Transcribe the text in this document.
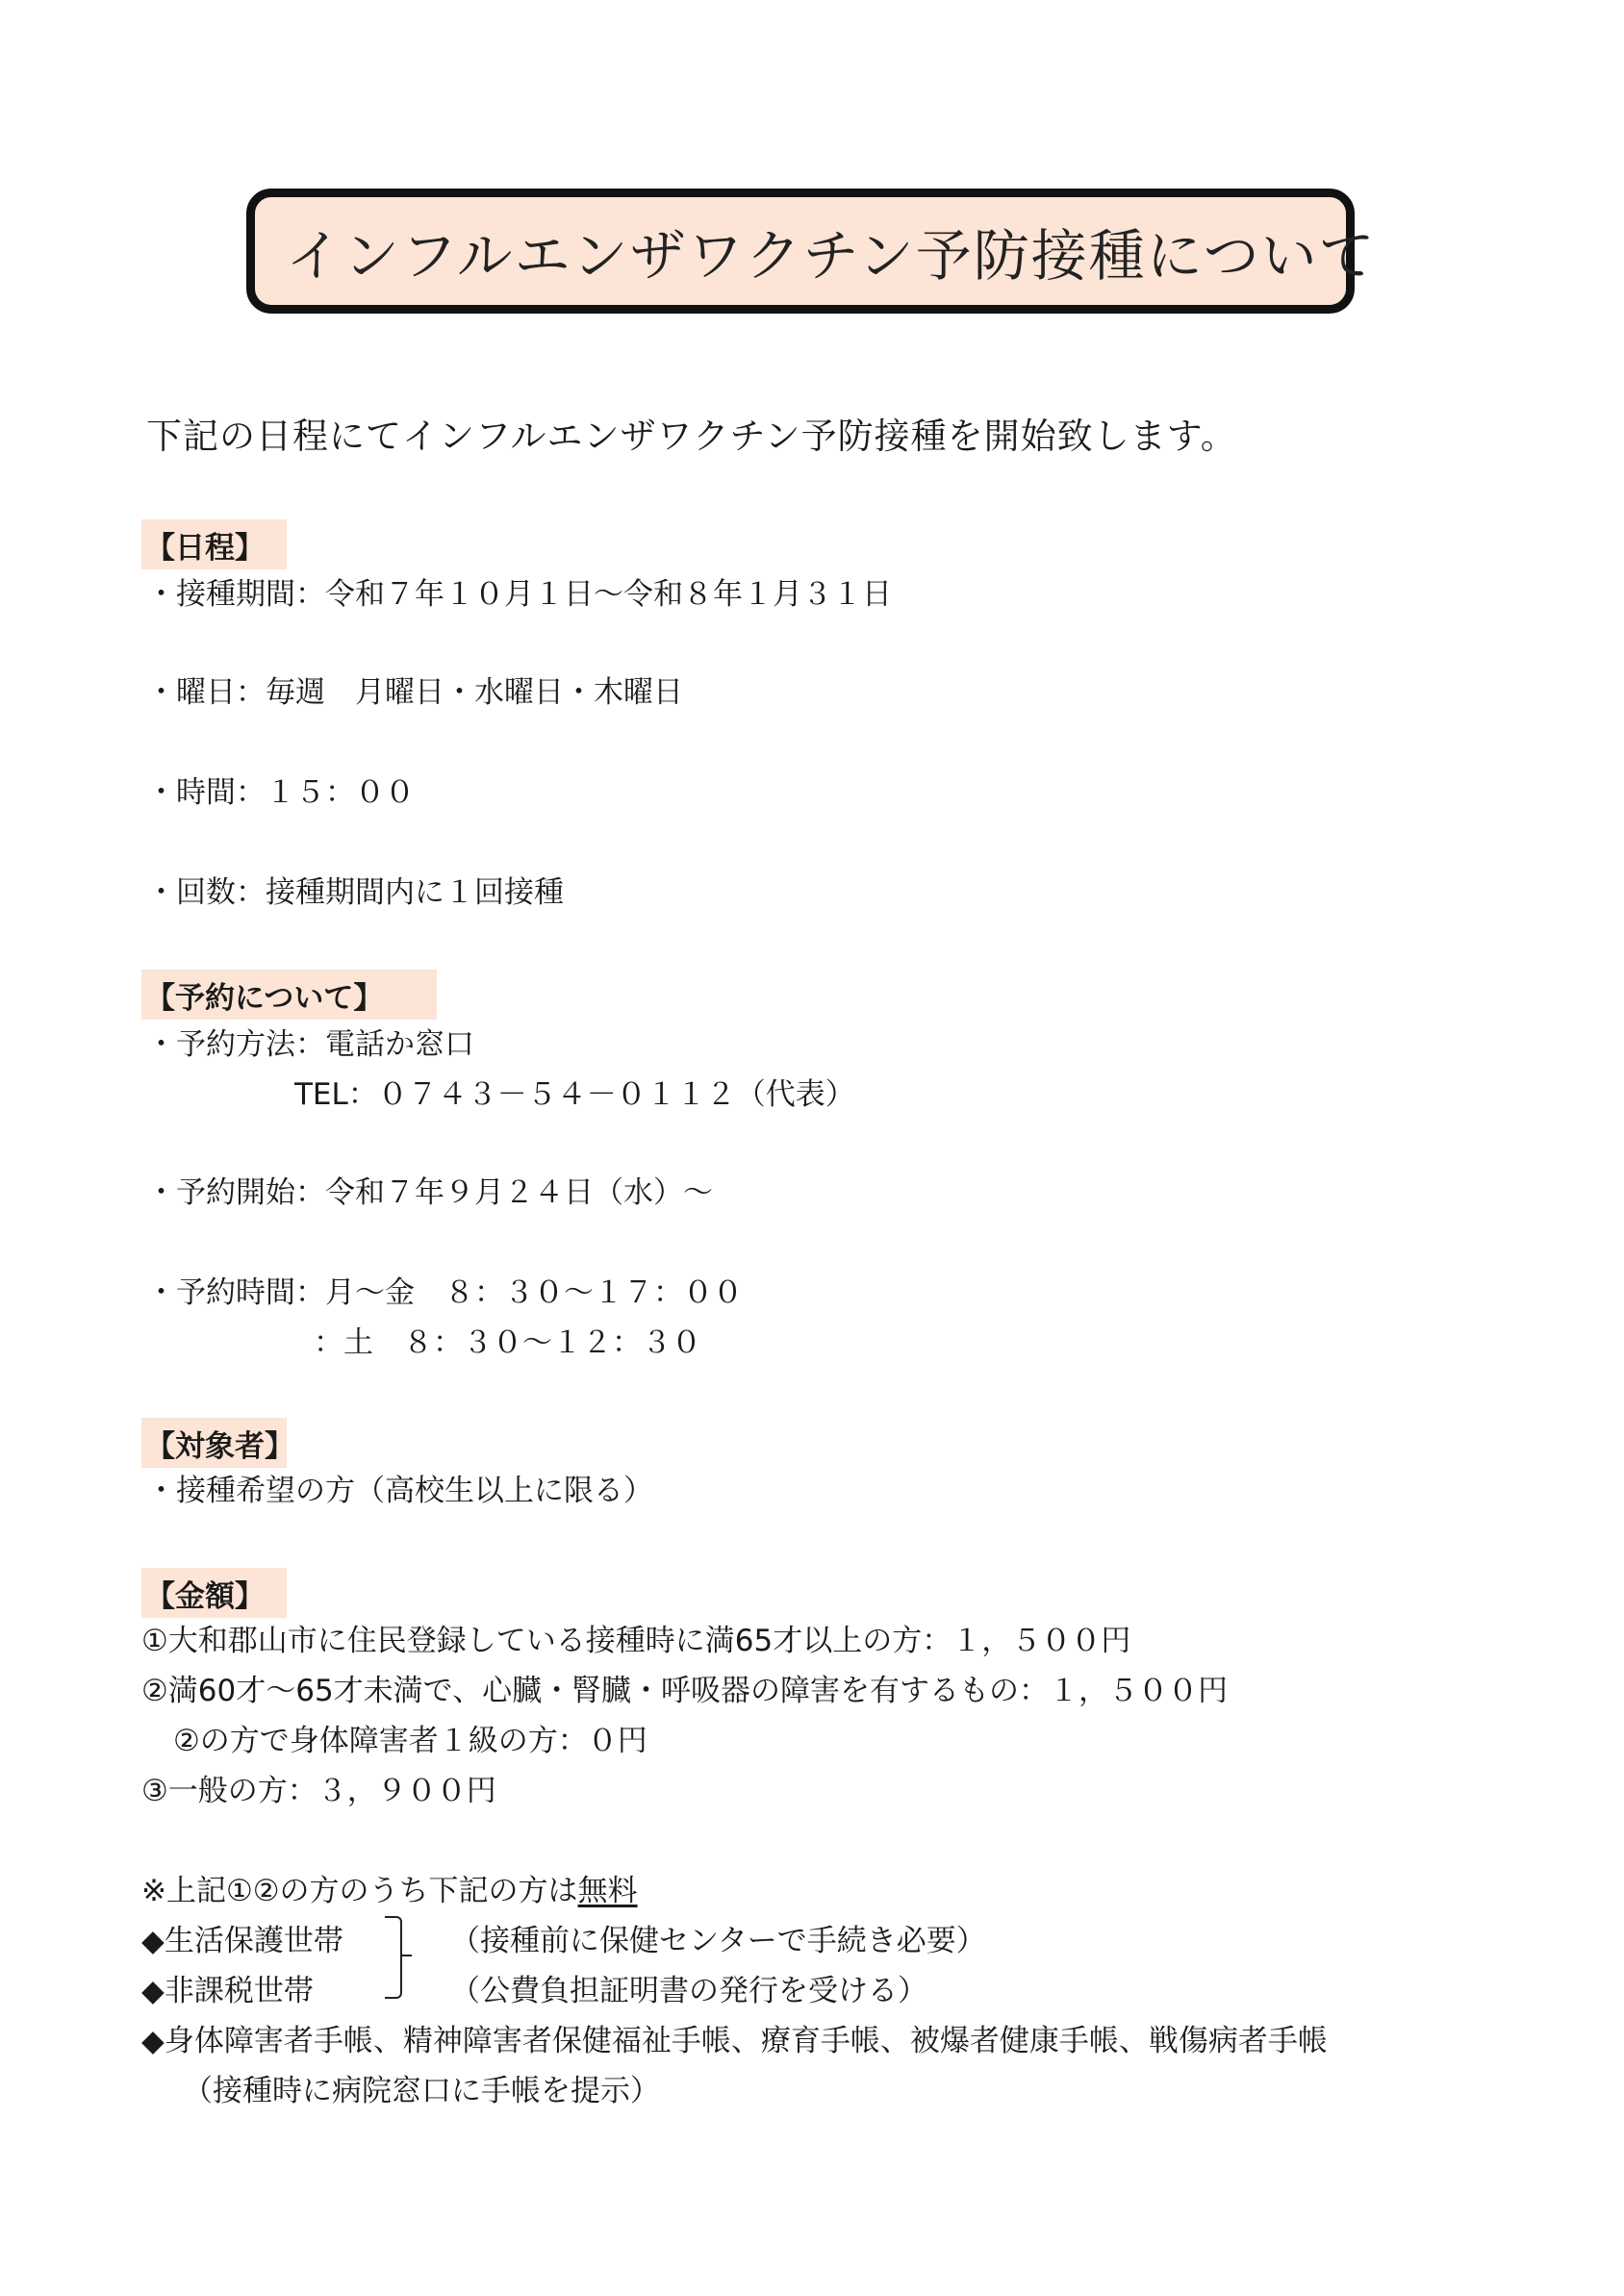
インフルエンザワクチン予防接種について
下記の日程にてインフルエンザワクチン予防接種を開始致します。
【日程】
・接種期間：令和７年１０月１日～令和８年１月３１日
・曜日：毎週　月曜日・水曜日・木曜日
・時間：１５：００
・回数：接種期間内に１回接種
【予約について】
・予約方法：電話か窓口
TEL：０７４３－５４－０１１２（代表）
・予約開始：令和７年９月２４日（水）～
・予約時間：月～金　８：３０～１７：００
：土　８：３０～１２：３０
【対象者】
・接種希望の方（高校生以上に限る）
【金額】
①大和郡山市に住民登録している接種時に満65才以上の方：１，５００円
②満60才～65才未満で、心臓・腎臓・呼吸器の障害を有するもの：１，５００円
②の方で身体障害者１級の方：０円
③一般の方：３，９００円
※上記①②の方のうち下記の方は無料
◆生活保護世帯
◆非課税世帯
（接種前に保健センターで手続き必要）
（公費負担証明書の発行を受ける）
◆身体障害者手帳、精神障害者保健福祉手帳、療育手帳、被爆者健康手帳、戦傷病者手帳
（接種時に病院窓口に手帳を提示）
